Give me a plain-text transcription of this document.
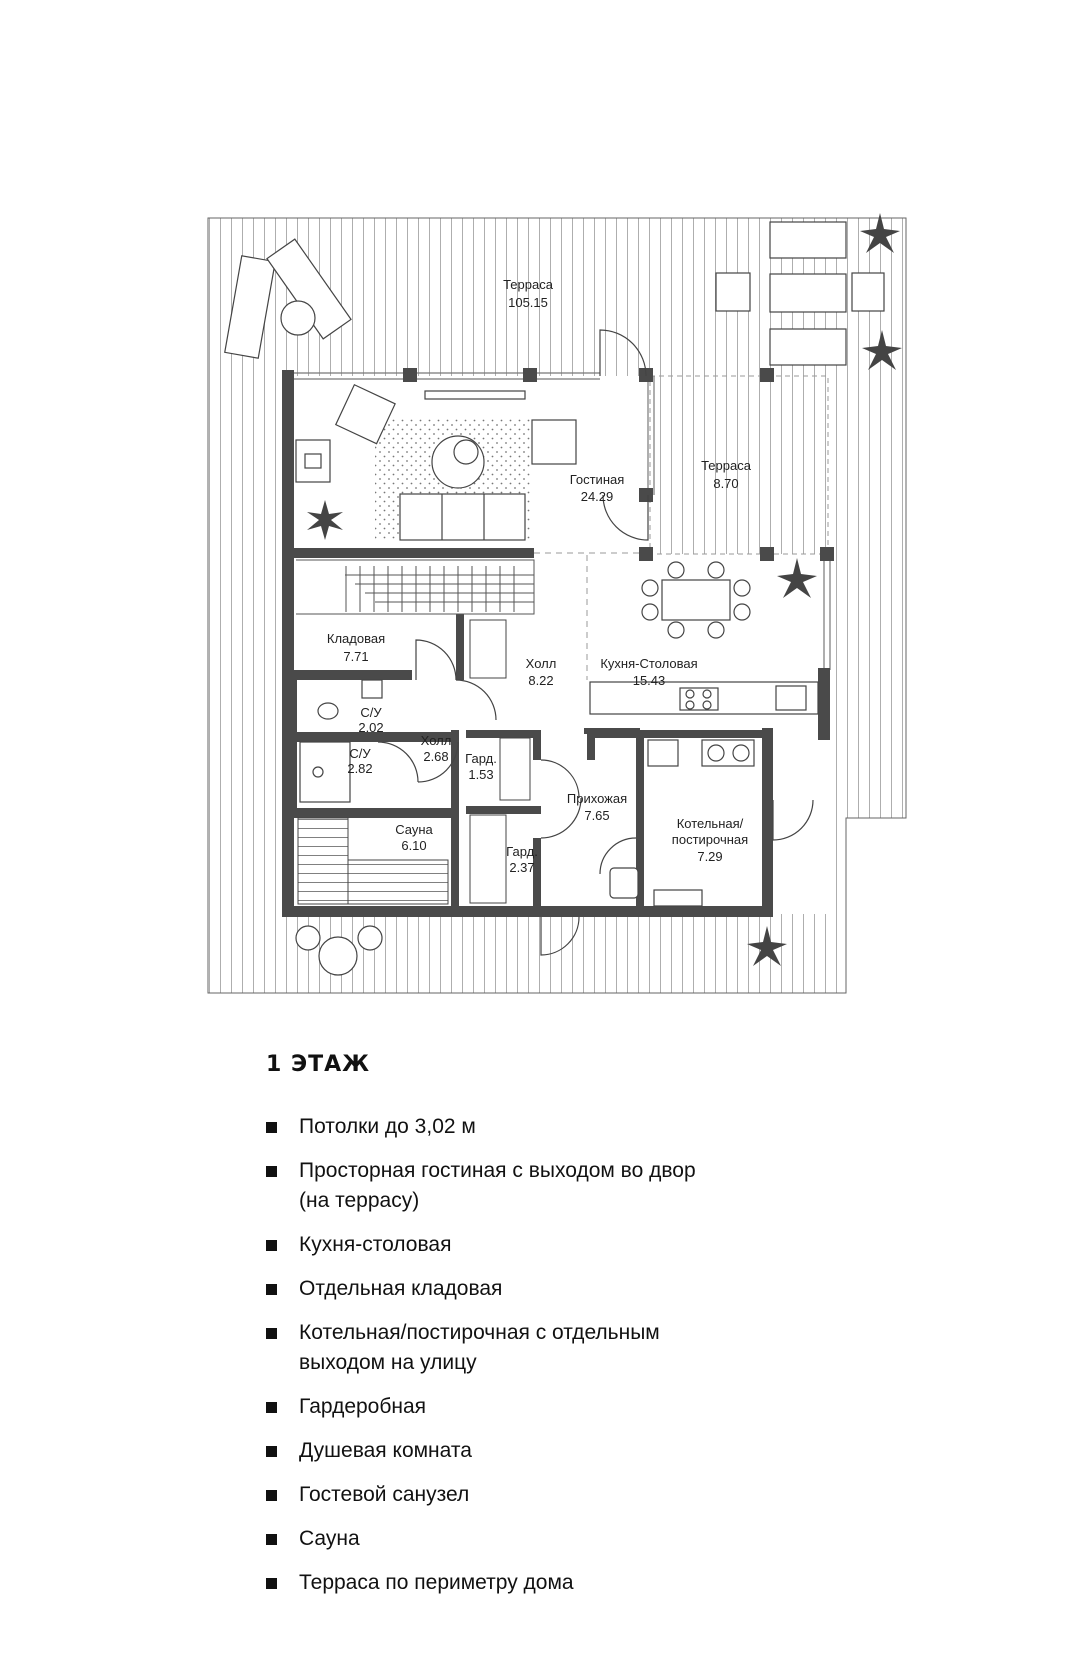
Терраса
105.15
Терраса
8.70
Гостиная
24.29
Кладовая
7.71	Холл
8.22
Кухня-Столовая
15.43
С/У
2.02
С/У
2.82
Холл
2.68 Гард.
1.53
Гард.
2.37
Прихожая
7.65
Котельная/
постирочная
7.29
Сауна
6.10
1 ЭТАЖ
Потолки до 3,02 м
Просторная гостиная с выходом во двор
(на террасу)
Кухня-столовая
Отдельная кладовая
Котельная/постирочная с отдельным
выходом на улицу
Гардеробная
Душевая комната
Гостевой санузел
Сауна
Терраса по периметру дома
